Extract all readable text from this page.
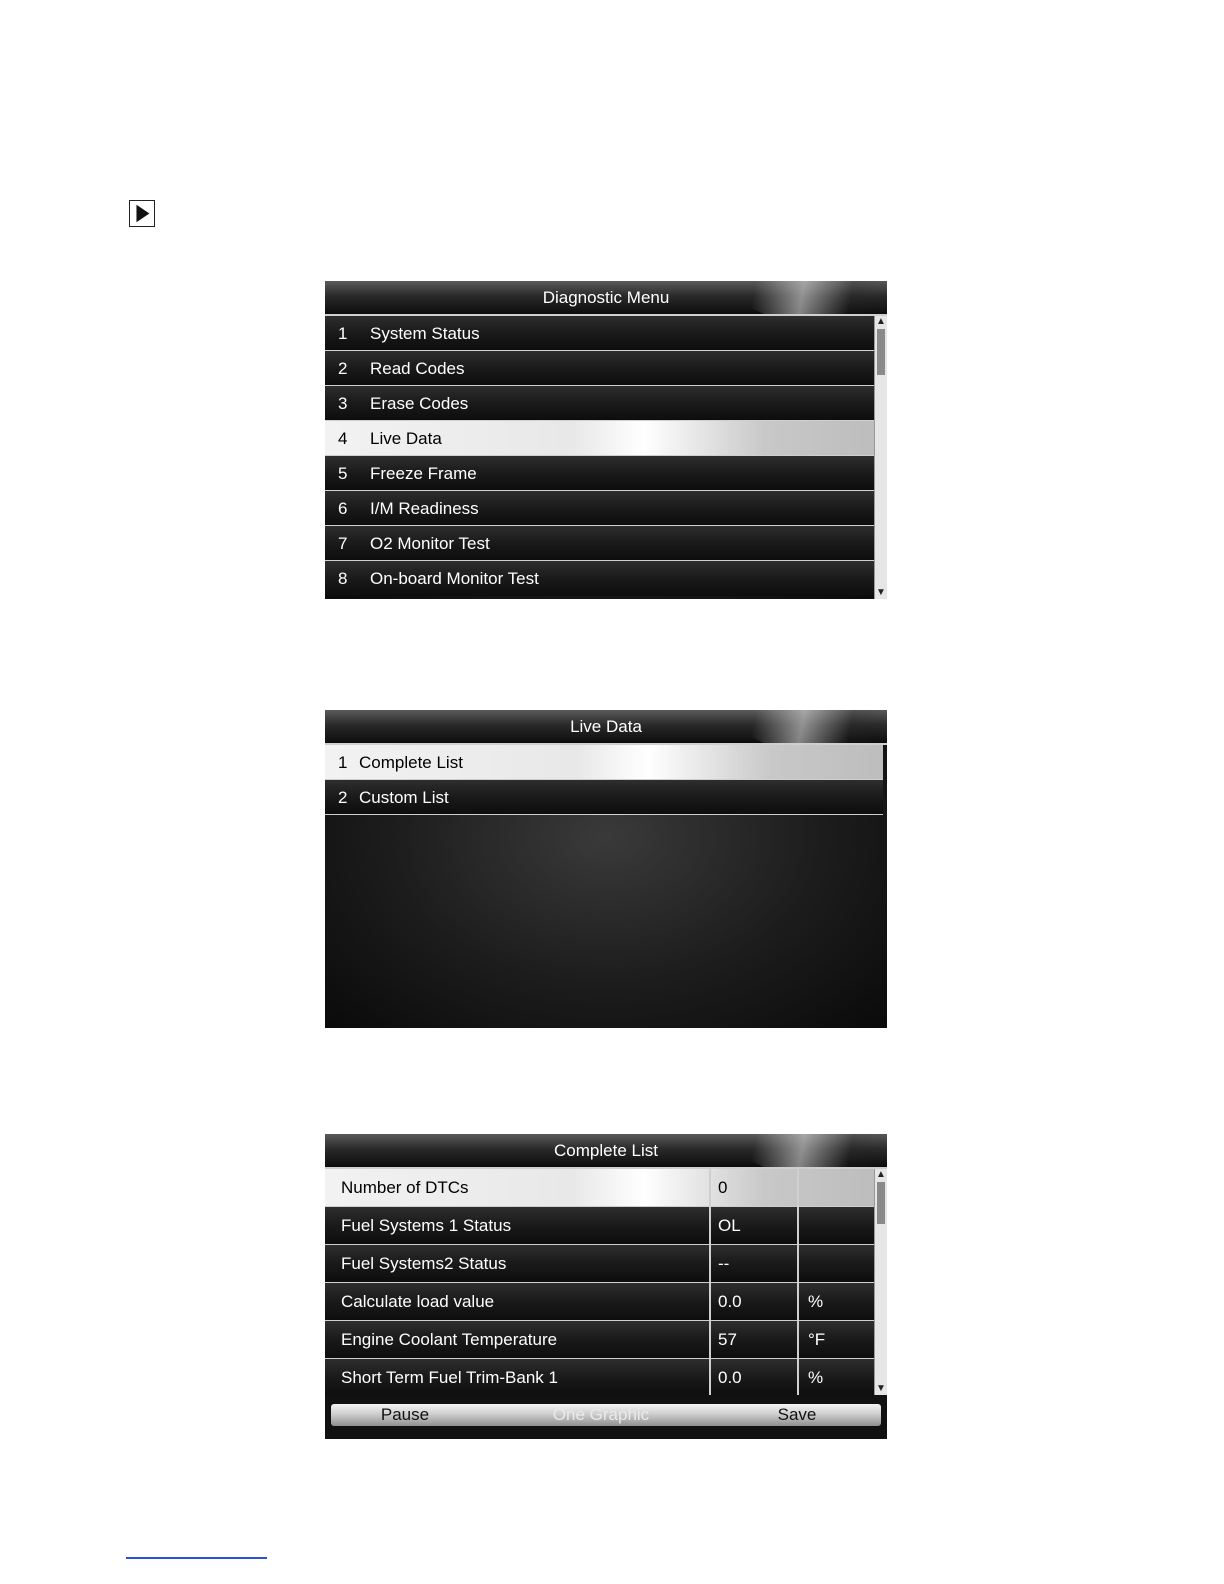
Diagnostic Menu
1 System Status
2 Read Codes
3 Erase Codes
4 Live Data
5 Freeze Frame
6 I/M Readiness
7 O2 Monitor Test
8 On-board Monitor Test
▲
▼
Live Data
1 Complete List
2 Custom List
Complete List
Number of DTCs	0
Fuel Systems 1 Status	OL
Fuel Systems2 Status	--
Calculate load value	0.0	%
Engine Coolant Temperature	57	°F
Short Term Fuel Trim-Bank 1	0.0	%
▲
▼
Pause	One Graphic	Save
